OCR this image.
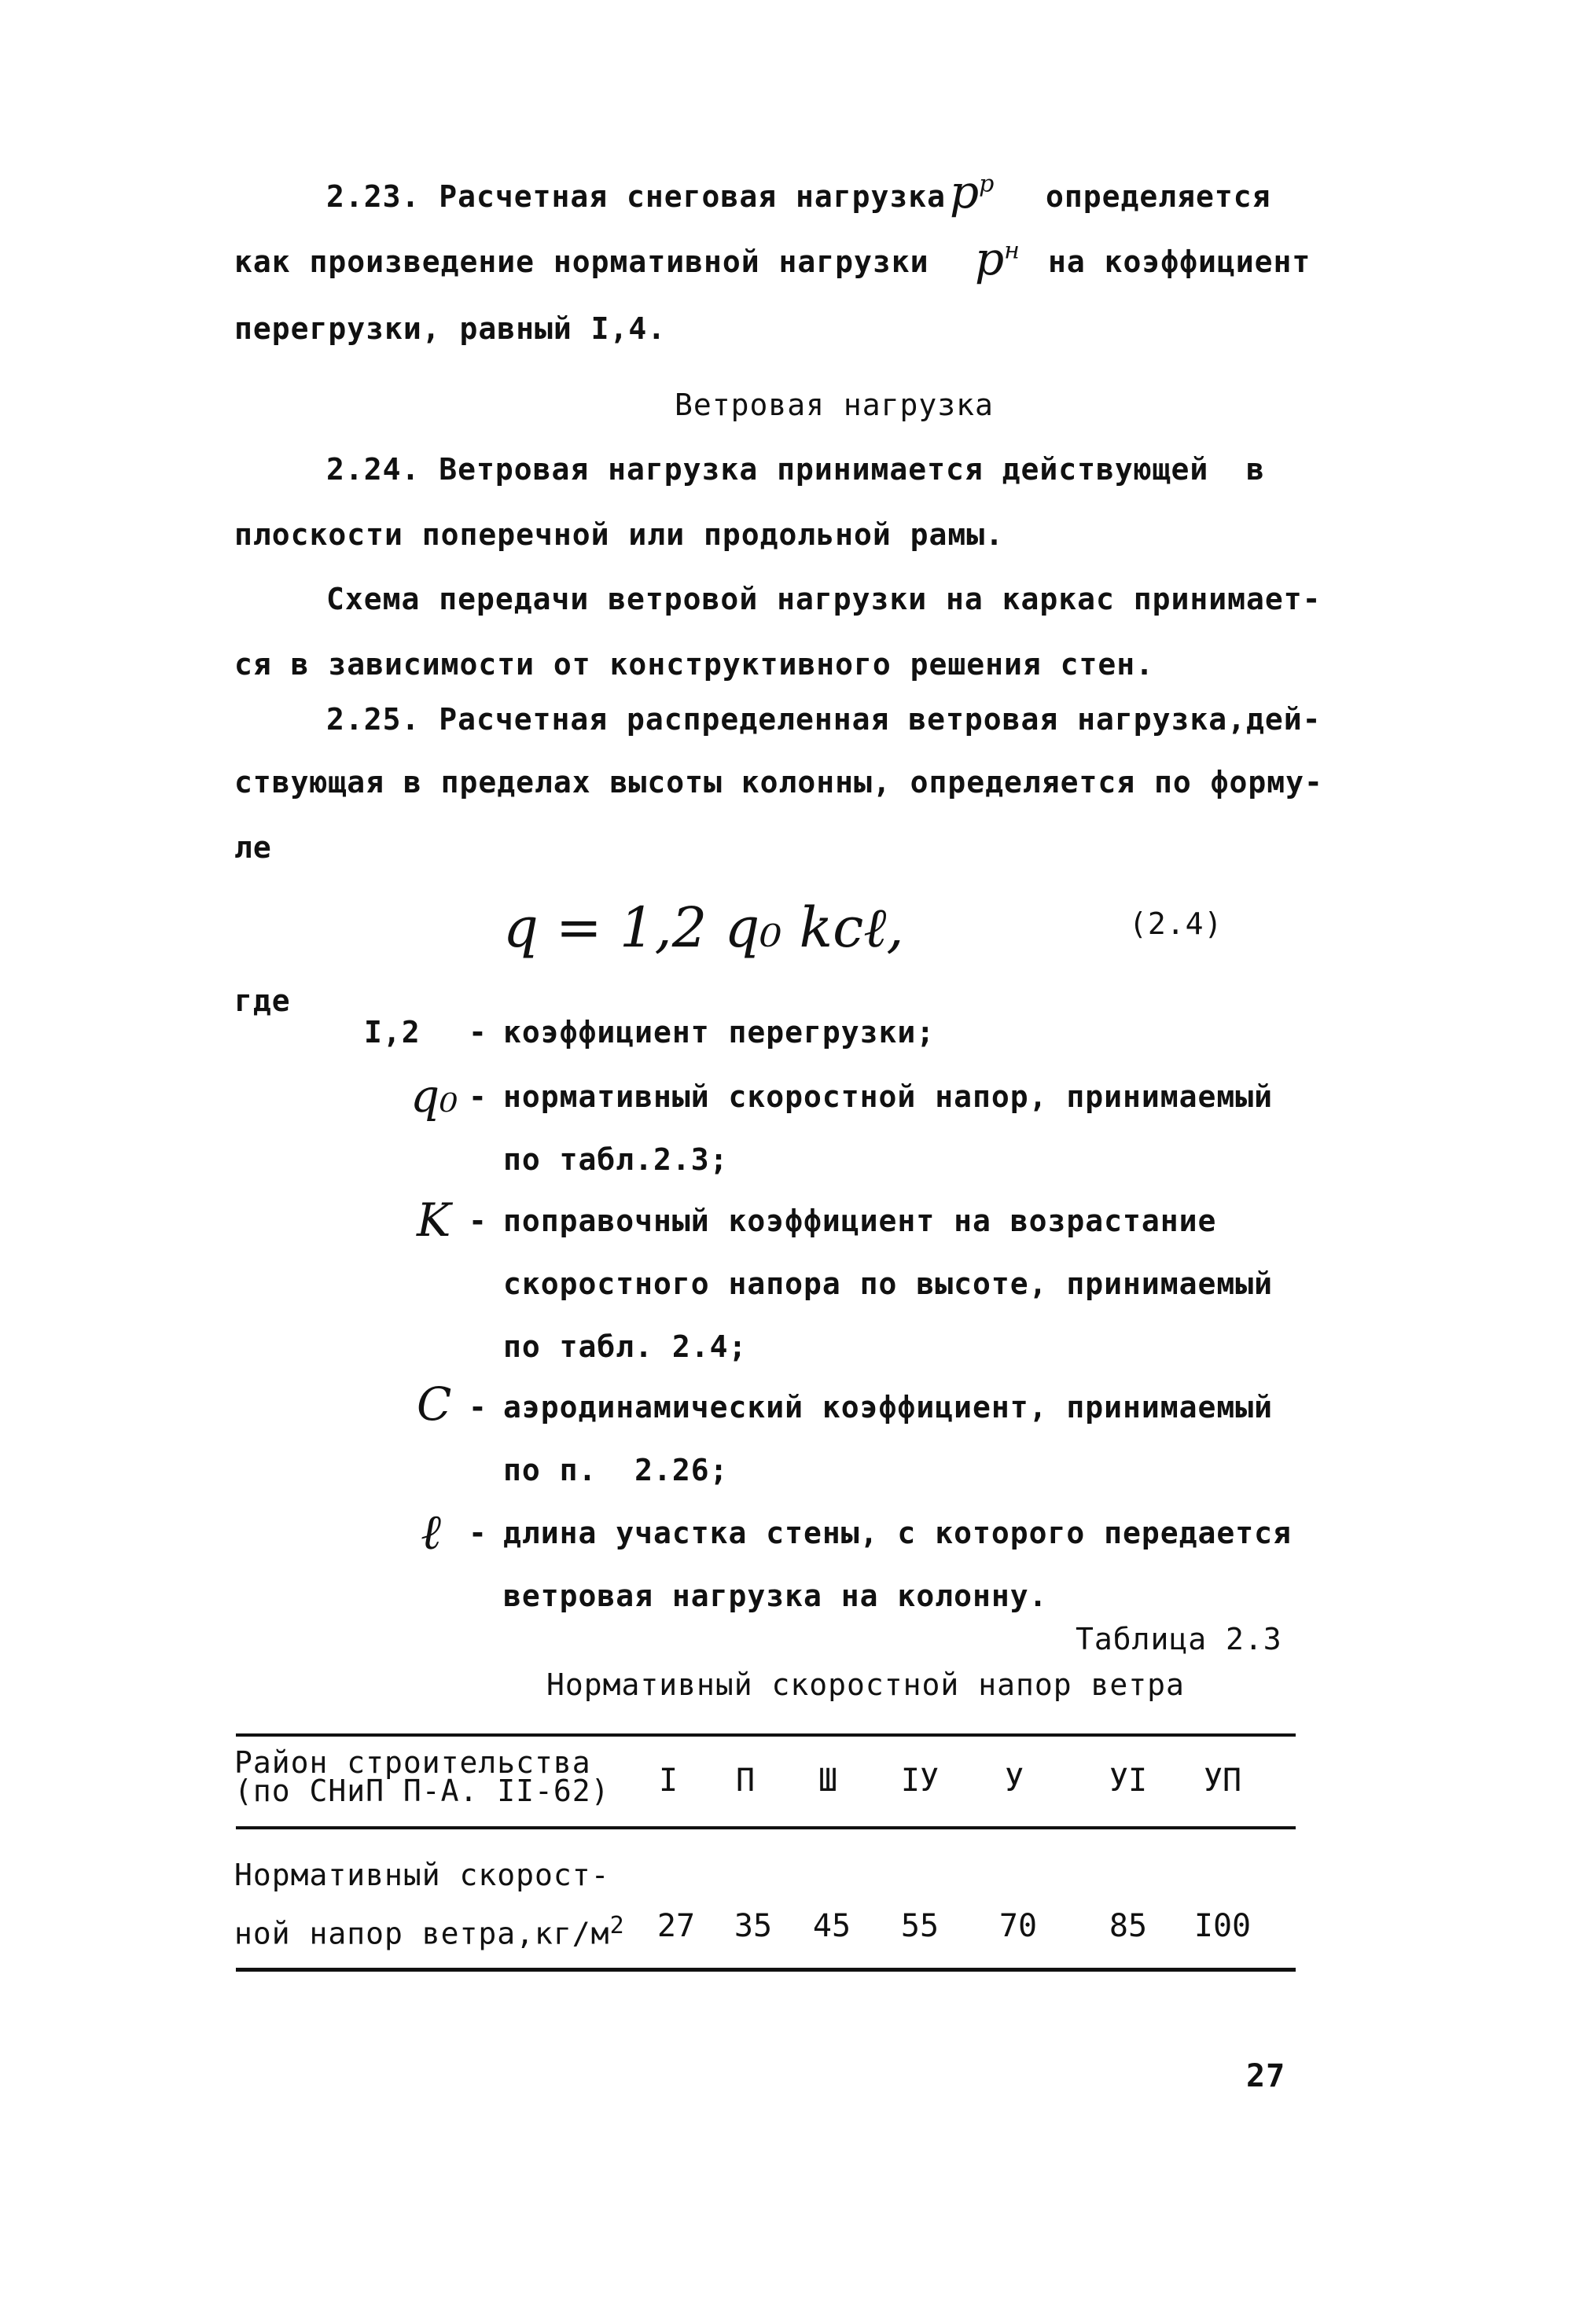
2.23. Расчетная снеговая нагрузка $p^р$ определяется
как произведение нормативной нагрузки $p^н$ на коэффициент
перегрузки, равный I,4.
Ветровая нагрузка
2.24. Ветровая нагрузка принимается действующей  в
плоскости поперечной или продольной рамы.
Схема передачи ветровой нагрузки на каркас принимает-
ся в зависимости от конструктивного решения стен.
2.25. Расчетная распределенная ветровая нагрузка,дей-
ствующая в пределах высоты колонны, определяется по форму-
ле
q = 1,2 q₀ kcℓ,	(2.4)
где
I,2 - коэффициент перегрузки;
q₀ - нормативный скоростной напор, принимаемый
по табл.2.3;
K - поправочный коэффициент на возрастание
скоростного напора по высоте, принимаемый
по табл. 2.4;
C - аэродинамический коэффициент, принимаемый
по п.  2.26;
ℓ - длина участка стены, с которого передается
ветровая нагрузка на колонну.
Таблица 2.3
Нормативный скоростной напор ветра
Район строительства
(по СНиП П-А. II-62)	I	П	Ш	IУ	У	УI	УП
Нормативный скорост-
ной напор $ветра,кг/м^2$	27	35	45	55	70	85	I00
27
